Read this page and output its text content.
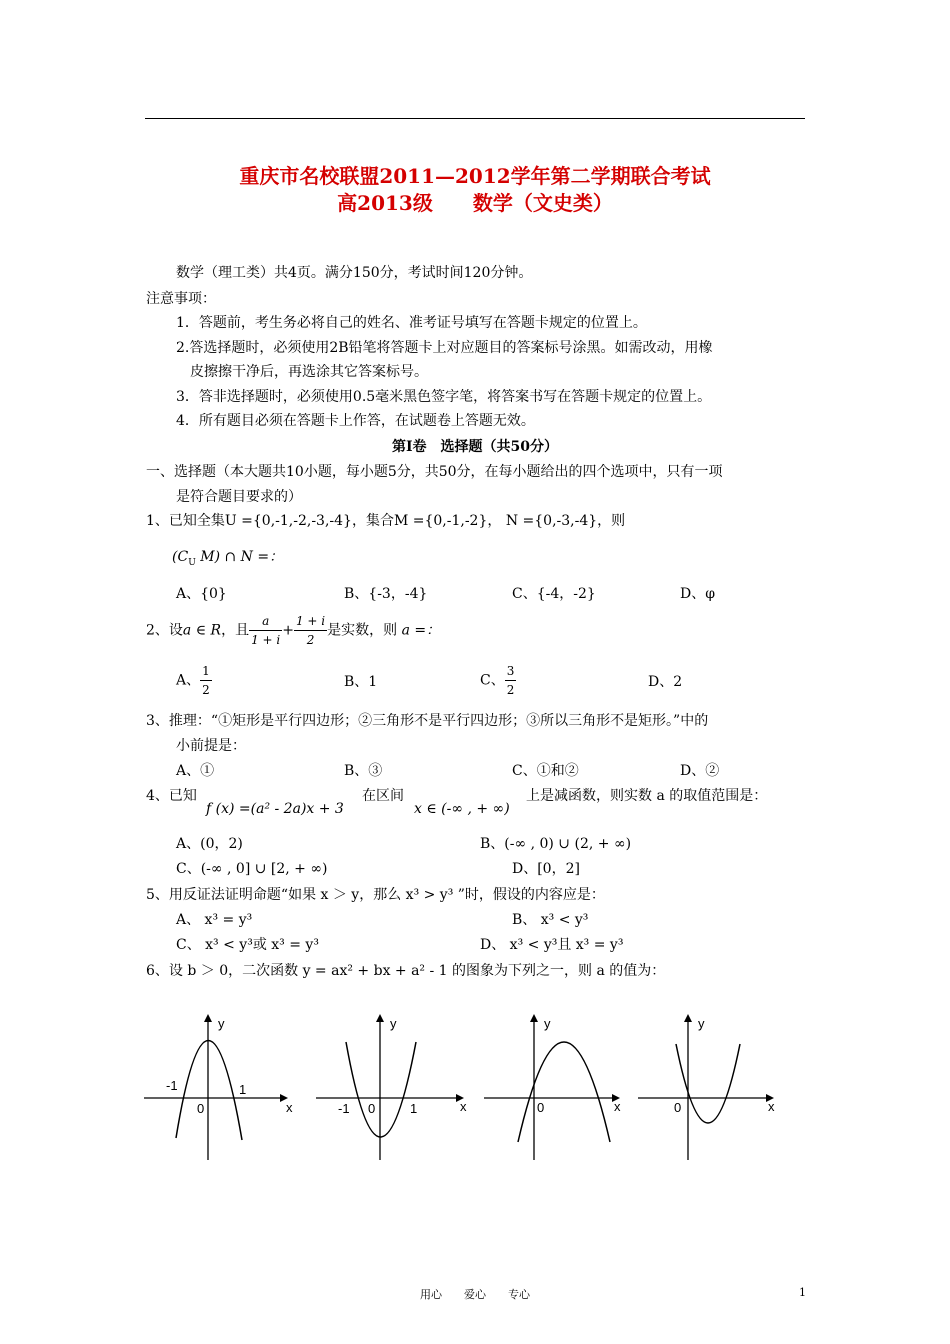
重庆市名校联盟2011—2012学年第二学期联合考试
高2013级　　数学（文史类）
数学（理工类）共4页。满分150分，考试时间120分钟。
注意事项：
1．答题前，考生务必将自己的姓名、准考证号填写在答题卡规定的位置上。
2.答选择题时，必须使用2B铅笔将答题卡上对应题目的答案标号涂黑。如需改动，用橡
皮擦擦干净后，再选涂其它答案标号。
3．答非选择题时，必须使用0.5毫米黑色签字笔，将答案书写在答题卡规定的位置上。
4．所有题目必须在答题卡上作答，在试题卷上答题无效。
第Ⅰ卷　选择题（共50分）
一、选择题（本大题共10小题，每小题5分，共50分，在每小题给出的四个选项中，只有一项
是符合题目要求的）
1、已知全集U ={0,-1,-2,-3,-4}，集合M ={0,-1,-2}， N ={0,-3,-4}，则
($C_U$ M) ∩ N =：
A、{0}	B、{-3，-4}	C、{-4，-2}	D、φ
2、设a ∈ R，且 $\frac{a}{1 + i} + \frac{1 + i}{2}$ 是实数，则 a =：
A、 $\frac{1}{2}$	B、1	C、 $\frac{3}{2}$	D、2
3、推理：“①矩形是平行四边形；②三角形不是平行四边形；③所以三角形不是矩形。”中的
小前提是：
A、①	B、③	C、①和②	D、②
4、已知
f (x) =(a² - 2a)x + 3
在区间
x ∈ (-∞ , + ∞)
上是减函数，则实数 a 的取值范围是：
A、(0，2)	B、(-∞ , 0) ∪ (2, + ∞)
C、(-∞ , 0] ∪ [2, + ∞)	D、[0，2]
5、用反证法证明命题“如果 x ＞ y，那么 x³ > y³ ”时，假设的内容应是：
A、 x³ = y³	B、 x³ < y³
C、 x³ < y³或 x³ = y³	D、 x³ < y³且 x³ = y³
6、设 b ＞ 0，二次函数 y = ax² + bx + a² - 1 的图象为下列之一，则 a 的值为：
y
x
0
-1	1
y
x
0
-1	1
y
x
0
y
x
0
用心　　爱心　　专心	1
